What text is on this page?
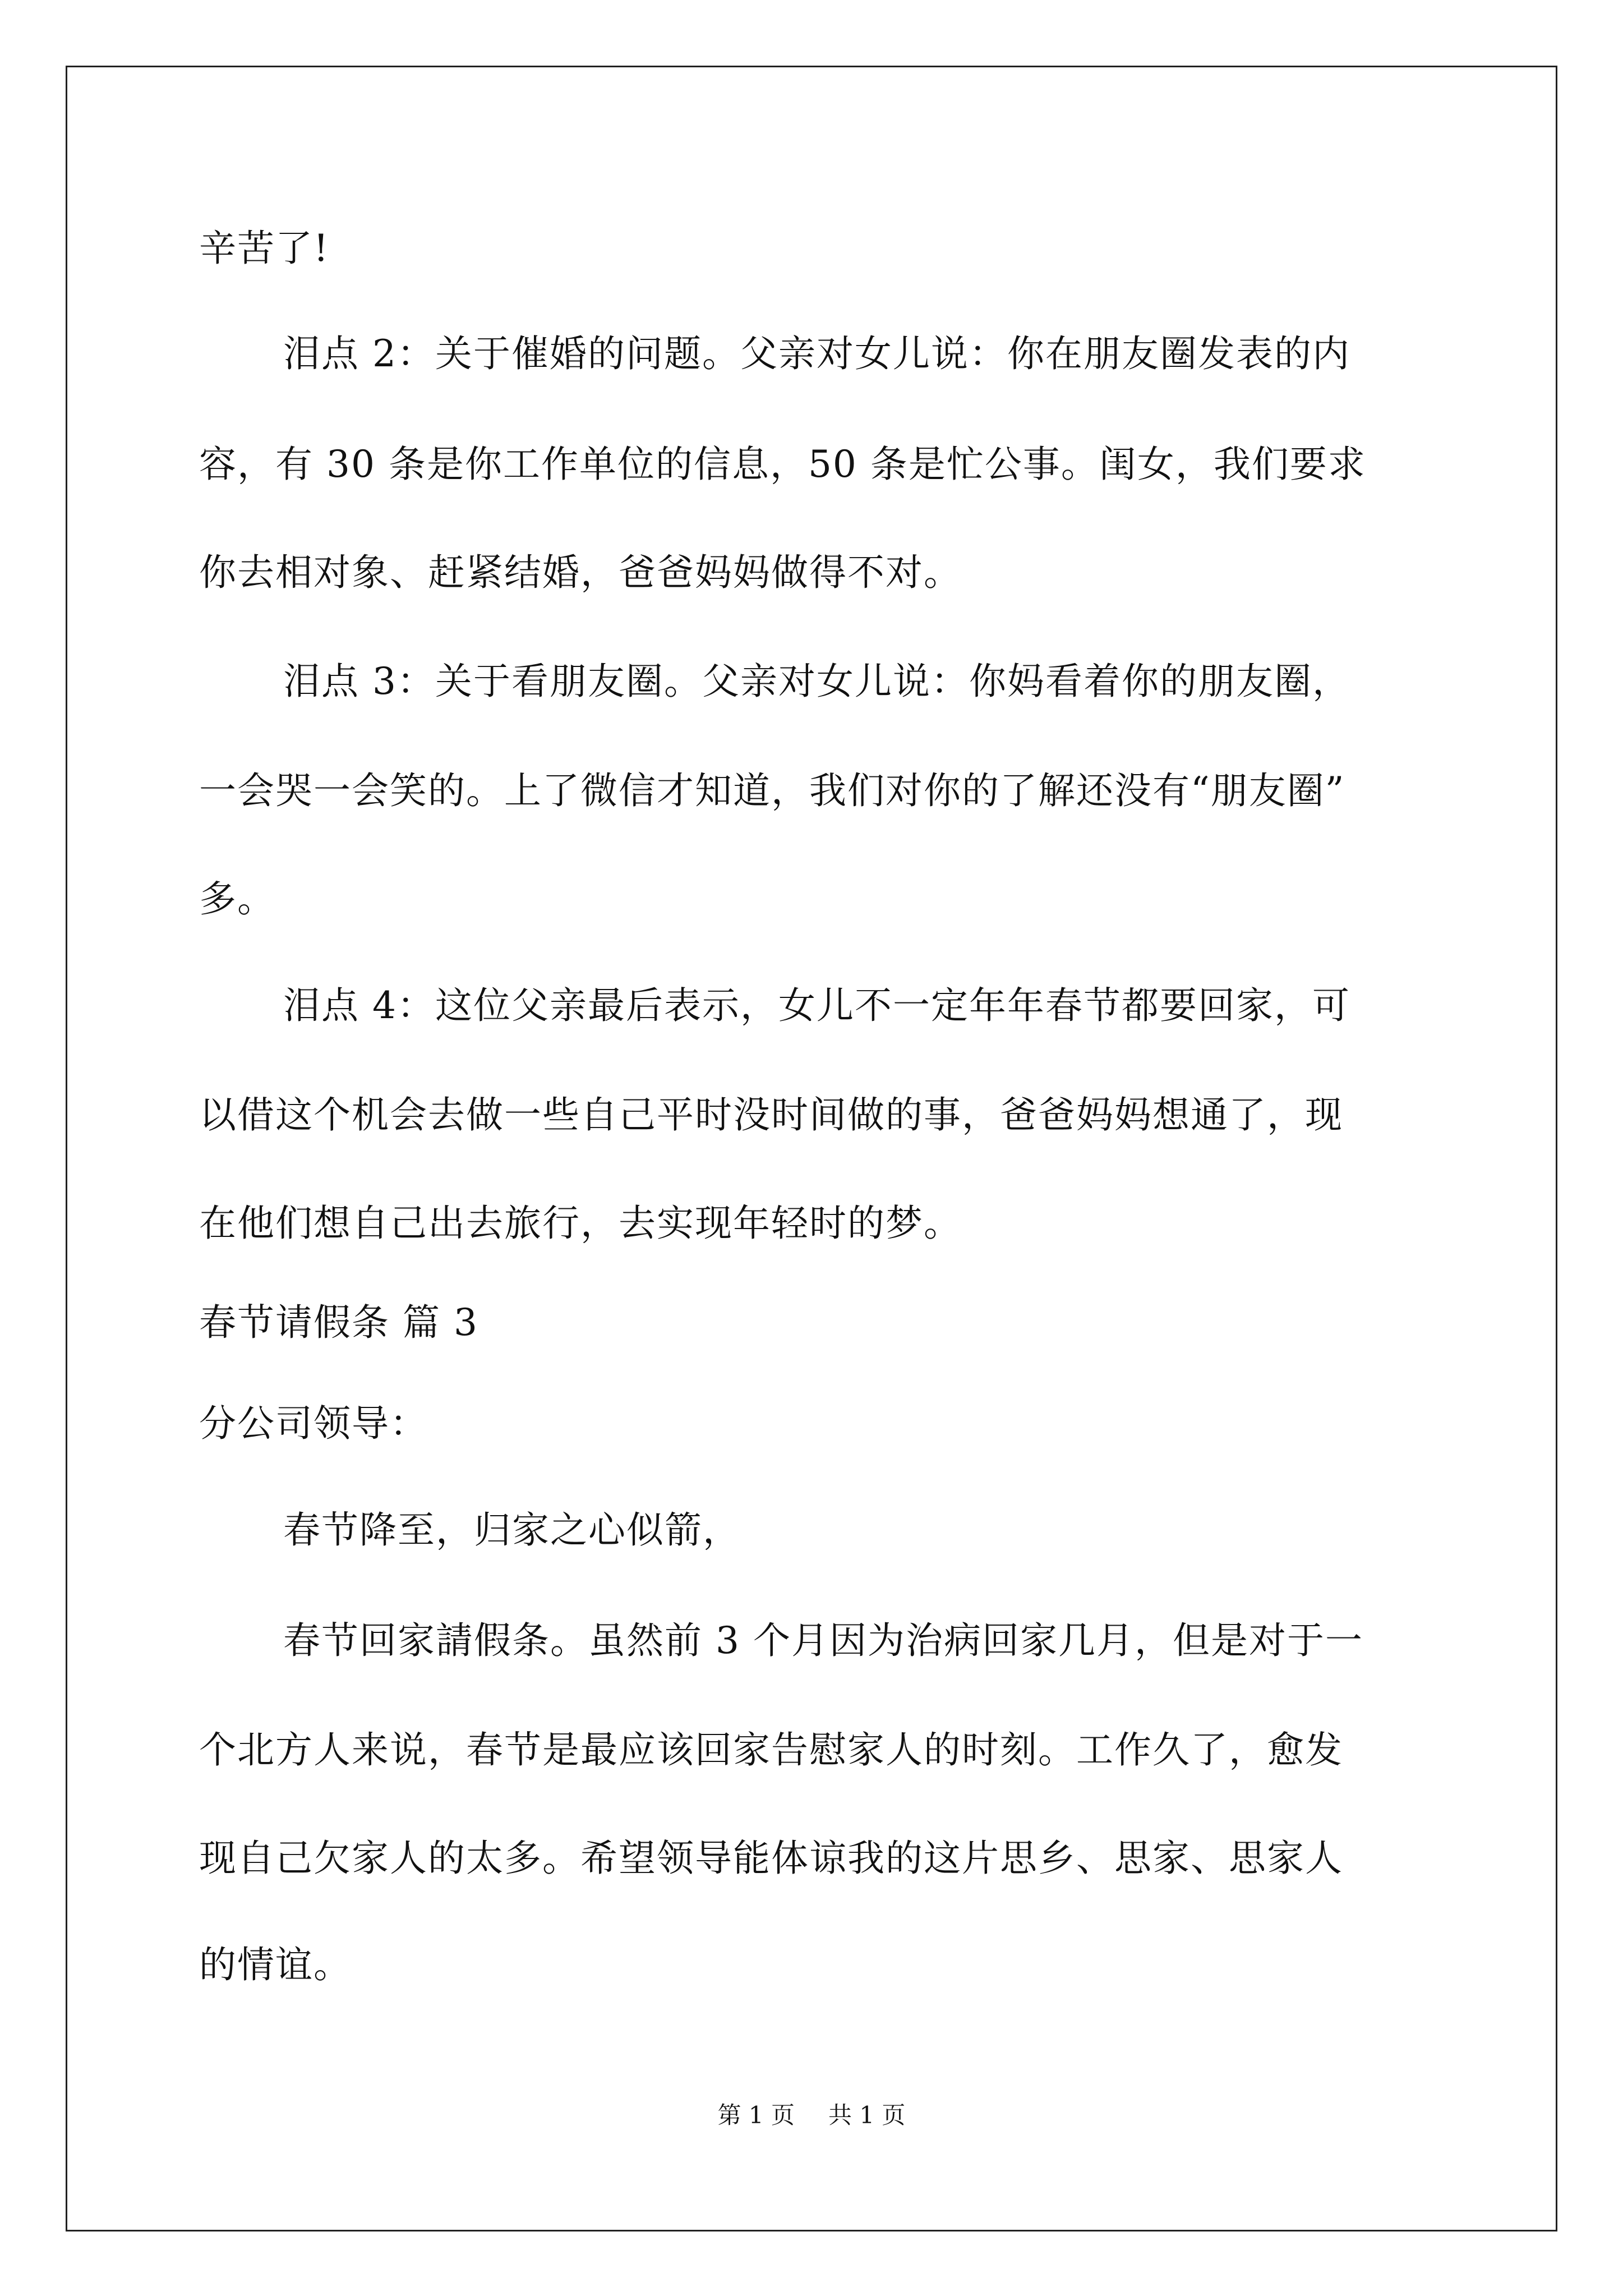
辛苦了!
泪点 2：关于催婚的问题。父亲对女儿说：你在朋友圈发表的内
容，有 30 条是你工作单位的信息，50 条是忙公事。闺女，我们要求
你去相对象、赶紧结婚，爸爸妈妈做得不对。
泪点 3：关于看朋友圈。父亲对女儿说：你妈看着你的朋友圈，
一会哭一会笑的。上了微信才知道，我们对你的了解还没有“朋友圈”
多。
泪点 4：这位父亲最后表示，女儿不一定年年春节都要回家，可
以借这个机会去做一些自己平时没时间做的事，爸爸妈妈想通了，现
在他们想自己出去旅行，去实现年轻时的梦。
春节请假条 篇 3
分公司领导：
春节降至，归家之心似箭，
春节回家請假条。虽然前 3 个月因为治病回家几月，但是对于一
个北方人来说，春节是最应该回家告慰家人的时刻。工作久了，愈发
现自己欠家人的太多。希望领导能体谅我的这片思乡、思家、思家人
的情谊。
第 1 页 共 1 页
